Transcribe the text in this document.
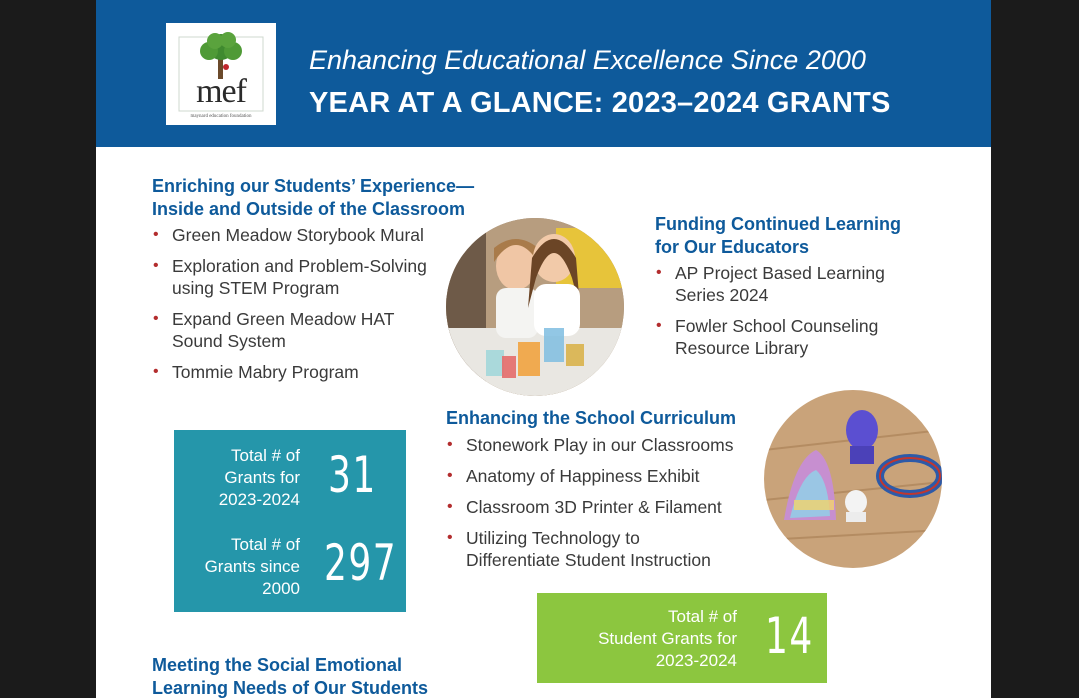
mef
maynard education foundation
Enhancing Educational Excellence Since 2000
YEAR AT A GLANCE: 2023–2024 GRANTS
Enriching our Students’ Experience—
Inside and Outside of the Classroom
• Green Meadow Storybook Mural
• Exploration and Problem-Solving
using STEM Program
• Expand Green Meadow HAT
Sound System
• Tommie Mabry Program
Funding Continued Learning
for Our Educators
• AP Project Based Learning
Series 2024
• Fowler School Counseling
Resource Library
Enhancing the School Curriculum
• Stonework Play in our Classrooms
• Anatomy of Happiness Exhibit
• Classroom 3D Printer & Filament
• Utilizing Technology to
Differentiate Student Instruction
Total # of
Grants for
2023-2024 31
Total # of
Grants since
2000 297
Total # of
Student Grants for
2023-2024 14
Meeting the Social Emotional
Learning Needs of Our Students
